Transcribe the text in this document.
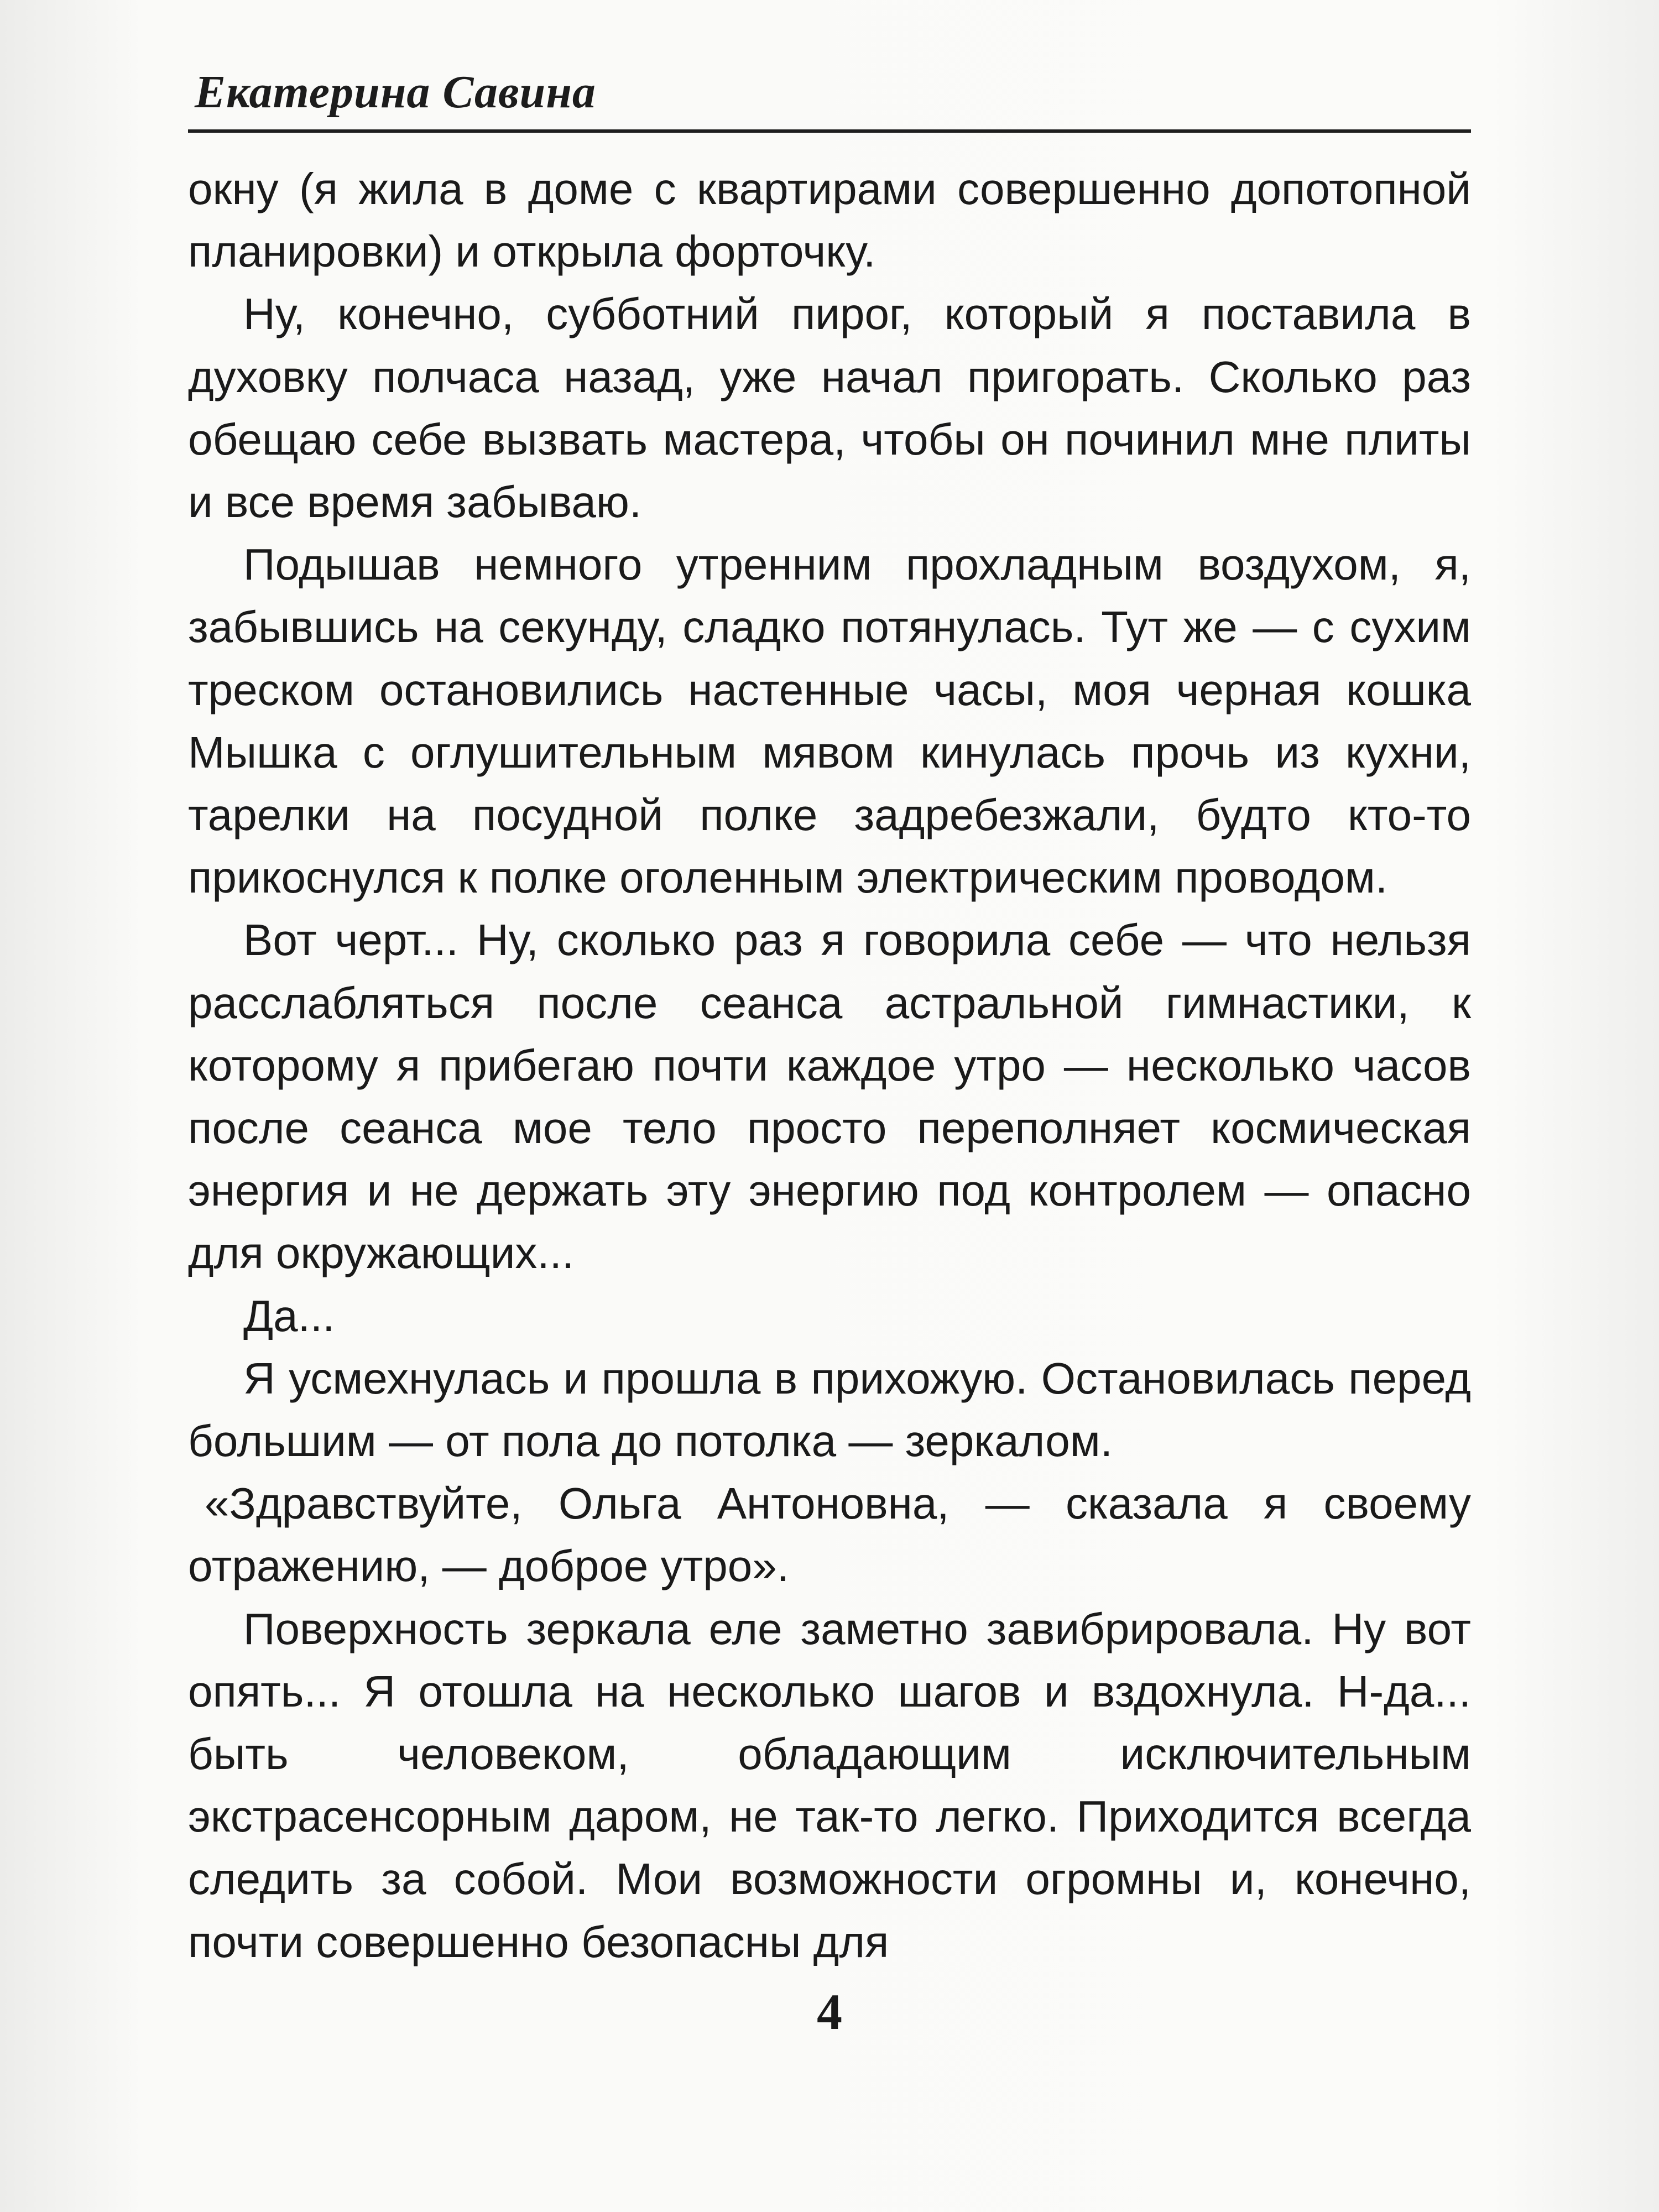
Екатерина Савина

окну (я жила в доме с квартирами совершенно допотопной планировки) и открыла форточку.

Ну, конечно, субботний пирог, который я поставила в духовку полчаса назад, уже начал пригорать. Сколько раз обещаю себе вызвать мастера, чтобы он починил мне плиты и все время забываю.

Подышав немного утренним прохладным воздухом, я, забывшись на секунду, сладко потянулась. Тут же — с сухим треском остановились настенные часы, моя черная кошка Мышка с оглушительным мявом кинулась прочь из кухни, тарелки на посудной полке задребезжали, будто кто-то прикоснулся к полке оголенным электрическим проводом.

Вот черт... Ну, сколько раз я говорила себе — что нельзя расслабляться после сеанса астральной гимнастики, к которому я прибегаю почти каждое утро — несколько часов после сеанса мое тело просто переполняет космическая энергия и не держать эту энергию под контролем — опасно для окружающих...

Да...

Я усмехнулась и прошла в прихожую. Остановилась перед большим — от пола до потолка — зеркалом.

«Здравствуйте, Ольга Антоновна, — сказала я своему отражению, — доброе утро».

Поверхность зеркала еле заметно завибрировала. Ну вот опять... Я отошла на несколько шагов и вздохнула. Н-да... быть человеком, обладающим исключительным экстрасенсорным даром, не так-то легко. Приходится всегда следить за собой. Мои возможности огромны и, конечно, почти совершенно безопасны для

4
